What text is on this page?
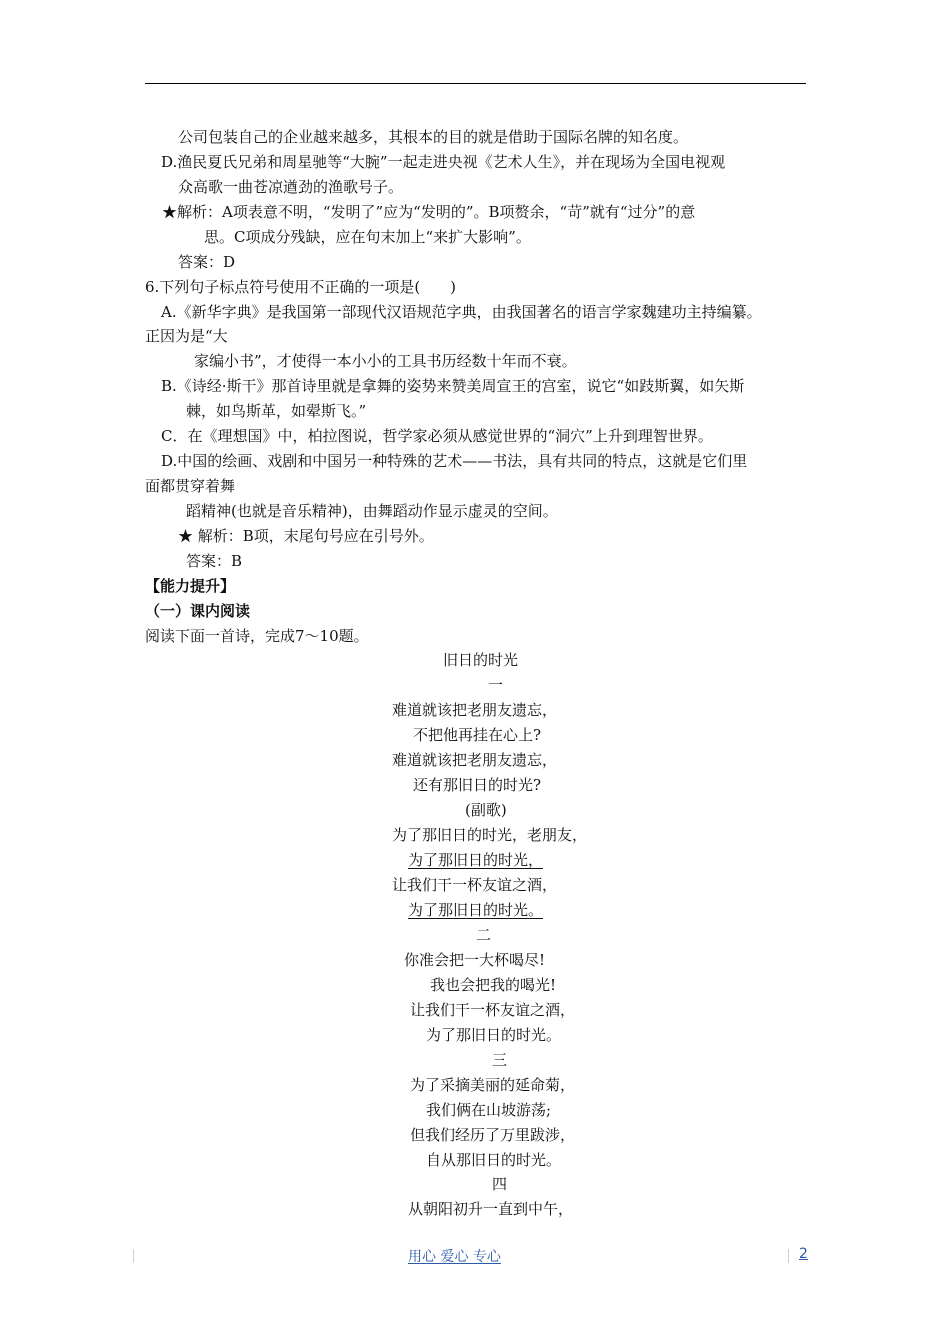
公司包装自己的企业越来越多，其根本的目的就是借助于国际名牌的知名度。
D.渔民夏氏兄弟和周星驰等“大腕”一起走进央视《艺术人生》，并在现场为全国电视观
众高歌一曲苍凉遒劲的渔歌号子。
★解析：A项表意不明，“发明了”应为“发明的”。B项赘余，“苛”就有“过分”的意
思。C项成分残缺，应在句末加上“来扩大影响”。
答案：D
6.下列句子标点符号使用不正确的一项是(　　)
A.《新华字典》是我国第一部现代汉语规范字典，由我国著名的语言学家魏建功主持编纂。
正因为是“大
家编小书”，才使得一本小小的工具书历经数十年而不衰。
B.《诗经·斯干》那首诗里就是拿舞的姿势来赞美周宣王的宫室，说它“如跂斯翼，如矢斯
棘，如鸟斯革，如翚斯飞。”
C．在《理想国》中，柏拉图说，哲学家必须从感觉世界的“洞穴”上升到理智世界。
D.中国的绘画、戏剧和中国另一种特殊的艺术——书法，具有共同的特点，这就是它们里
面都贯穿着舞
蹈精神(也就是音乐精神)，由舞蹈动作显示虚灵的空间。
★ 解析：B项，末尾句号应在引号外。
答案：B
【能力提升】
（一）课内阅读
阅读下面一首诗，完成7～10题。
旧日的时光
一
难道就该把老朋友遗忘，
不把他再挂在心上?
难道就该把老朋友遗忘，
还有那旧日的时光?
(副歌)
为了那旧日的时光，老朋友，
为了那旧日的时光，
让我们干一杯友谊之酒，
为了那旧日的时光。
二
你准会把一大杯喝尽!
我也会把我的喝光!
让我们干一杯友谊之酒，
为了那旧日的时光。
三
为了采摘美丽的延命菊，
我们俩在山坡游荡;
但我们经历了万里跋涉，
自从那旧日的时光。
四
从朝阳初升一直到中午，
用心 爱心 专心	2
